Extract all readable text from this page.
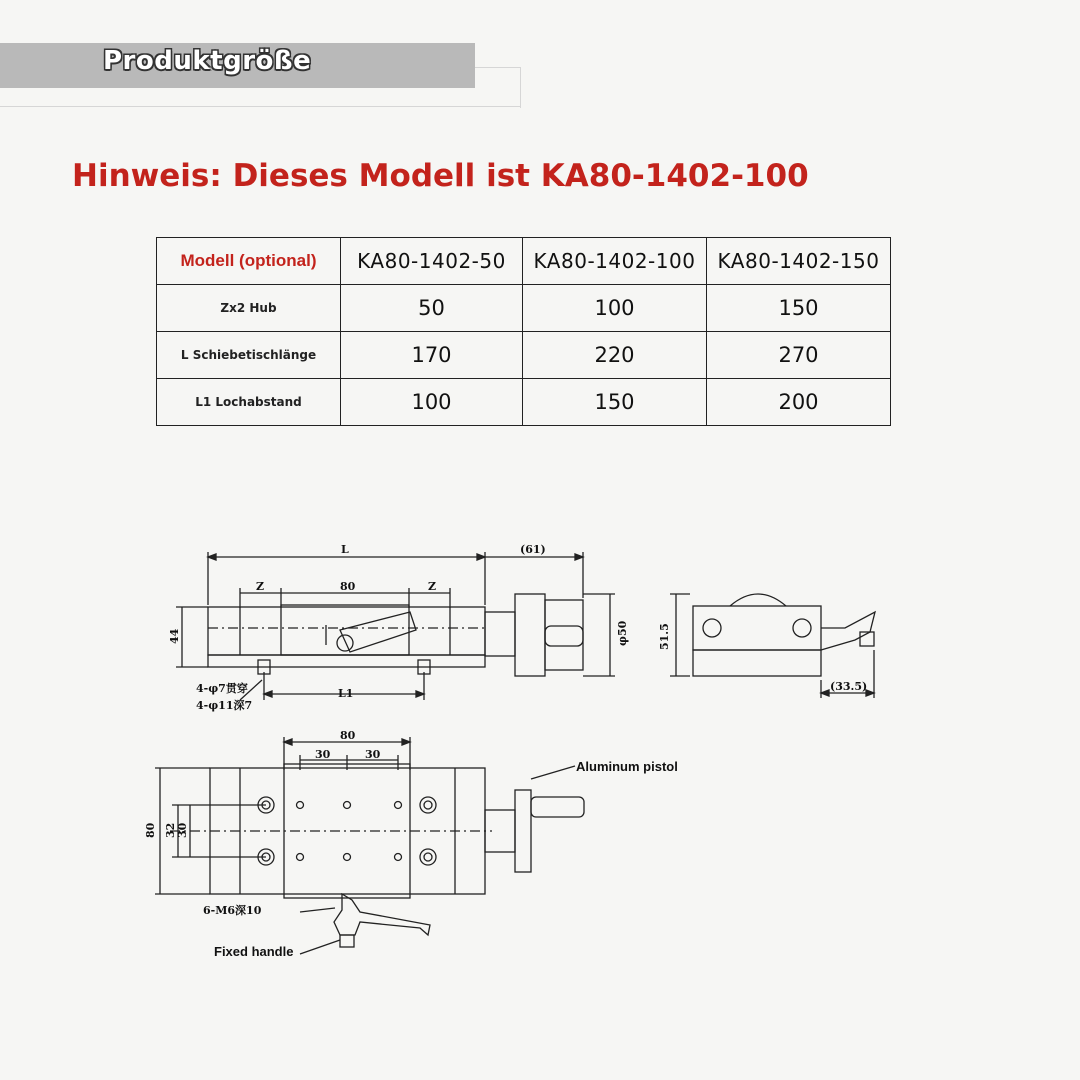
Produktgröße
Hinweis: Dieses Modell ist KA80-1402-100
Modell (optional)	KA80-1402-50	KA80-1402-100	KA80-1402-150
Zx2 Hub	50	100	150
L Schiebetischlänge	170	220	270
L1 Lochabstand	100	150	200
L	(61)
Z	80	Z
44	φ50
L1
4-φ7贯穿
4-φ11深7
51.5
(33.5)
80
30	30
80 32 30
6-M6深10
Aluminum pistol
Fixed handle
